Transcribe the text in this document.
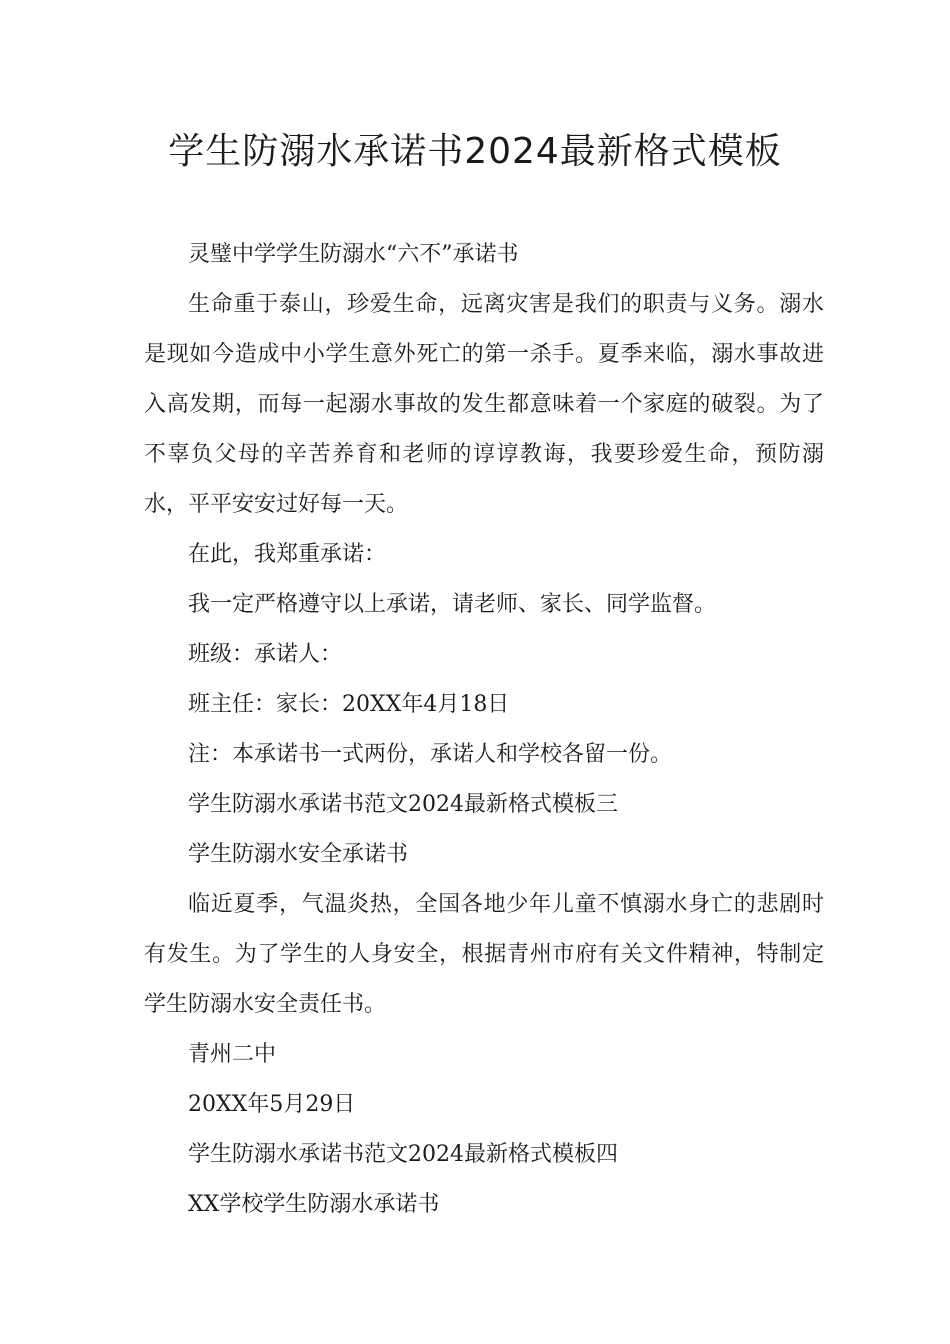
学生防溺水承诺书2024最新格式模板

灵璧中学学生防溺水“六不”承诺书

生命重于泰山，珍爱生命，远离灾害是我们的职责与义务。溺水是现如今造成中小学生意外死亡的第一杀手。夏季来临，溺水事故进入高发期，而每一起溺水事故的发生都意味着一个家庭的破裂。为了不辜负父母的辛苦养育和老师的谆谆教诲，我要珍爱生命，预防溺水，平平安安过好每一天。

在此，我郑重承诺：

我一定严格遵守以上承诺，请老师、家长、同学监督。

班级：承诺人：

班主任：家长：20XX年4月18日

注：本承诺书一式两份，承诺人和学校各留一份。

学生防溺水承诺书范文2024最新格式模板三

学生防溺水安全承诺书

临近夏季，气温炎热，全国各地少年儿童不慎溺水身亡的悲剧时有发生。为了学生的人身安全，根据青州市府有关文件精神，特制定学生防溺水安全责任书。

青州二中

20XX年5月29日

学生防溺水承诺书范文2024最新格式模板四

XX学校学生防溺水承诺书
